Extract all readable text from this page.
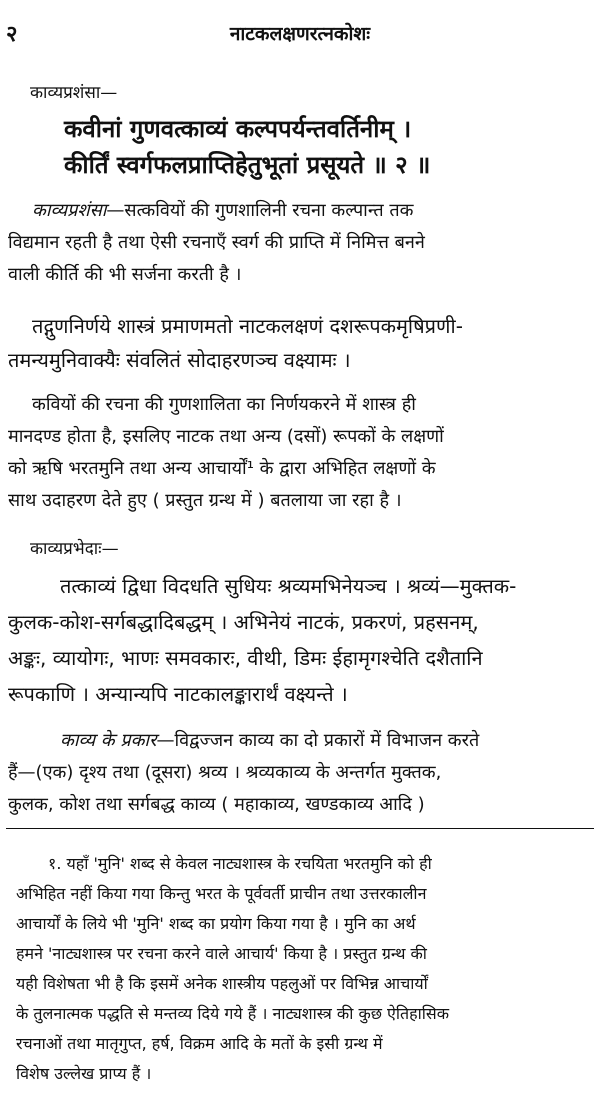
२	नाटकलक्षणरत्नकोशः
काव्यप्रशंसा—
कवीनां गुणवत्काव्यं कल्पपर्यन्तवर्तिनीम् ।
कीर्तिं स्वर्गफलप्राप्तिहेतुभूतां प्रसूयते ॥ २ ॥
काव्यप्रशंसा—सत्कवियों की गुणशालिनी रचना कल्पान्त तक
विद्यमान रहती है तथा ऐसी रचनाएँ स्वर्ग की प्राप्ति में निमित्त बनने
वाली कीर्ति की भी सर्जना करती है ।
तद्गुणनिर्णये शास्त्रं प्रमाणमतो नाटकलक्षणं दशरूपकमृषिप्रणी-
तमन्यमुनिवाक्यैः संवलितं सोदाहरणञ्च वक्ष्यामः ।
कवियों की रचना की गुणशालिता का निर्णयकरने में शास्त्र ही
मानदण्ड होता है, इसलिए नाटक तथा अन्य (दसों) रूपकों के लक्षणों
को ऋषि भरतमुनि तथा अन्य आचार्यों¹ के द्वारा अभिहित लक्षणों के
साथ उदाहरण देते हुए ( प्रस्तुत ग्रन्थ में ) बतलाया जा रहा है ।
काव्यप्रभेदाः—
तत्काव्यं द्विधा विदधति सुधियः श्रव्यमभिनेयञ्च । श्रव्यं—मुक्तक-
कुलक-कोश-सर्गबद्धादिबद्धम् । अभिनेयं नाटकं, प्रकरणं, प्रहसनम्,
अङ्कः, व्यायोगः, भाणः समवकारः, वीथी, डिमः ईहामृगश्चेति दशैतानि
रूपकाणि । अन्यान्यपि नाटकालङ्कारार्थं वक्ष्यन्ते ।
काव्य के प्रकार—विद्वज्जन काव्य का दो प्रकारों में विभाजन करते
हैं—(एक) दृश्य तथा (दूसरा) श्रव्य । श्रव्यकाव्य के अन्तर्गत मुक्तक,
कुलक, कोश तथा सर्गबद्ध काव्य ( महाकाव्य, खण्डकाव्य आदि )
१. यहाँ 'मुनि' शब्द से केवल नाट्यशास्त्र के रचयिता भरतमुनि को ही
अभिहित नहीं किया गया किन्तु भरत के पूर्ववर्ती प्राचीन तथा उत्तरकालीन
आचार्यों के लिये भी 'मुनि' शब्द का प्रयोग किया गया है । मुनि का अर्थ
हमने 'नाट्यशास्त्र पर रचना करने वाले आचार्य' किया है । प्रस्तुत ग्रन्थ की
यही विशेषता भी है कि इसमें अनेक शास्त्रीय पहलुओं पर विभिन्न आचार्यों
के तुलनात्मक पद्धति से मन्तव्य दिये गये हैं । नाट्यशास्त्र की कुछ ऐतिहासिक
रचनाओं तथा मातृगुप्त, हर्ष, विक्रम आदि के मतों के इसी ग्रन्थ में
विशेष उल्लेख प्राप्य हैं ।
